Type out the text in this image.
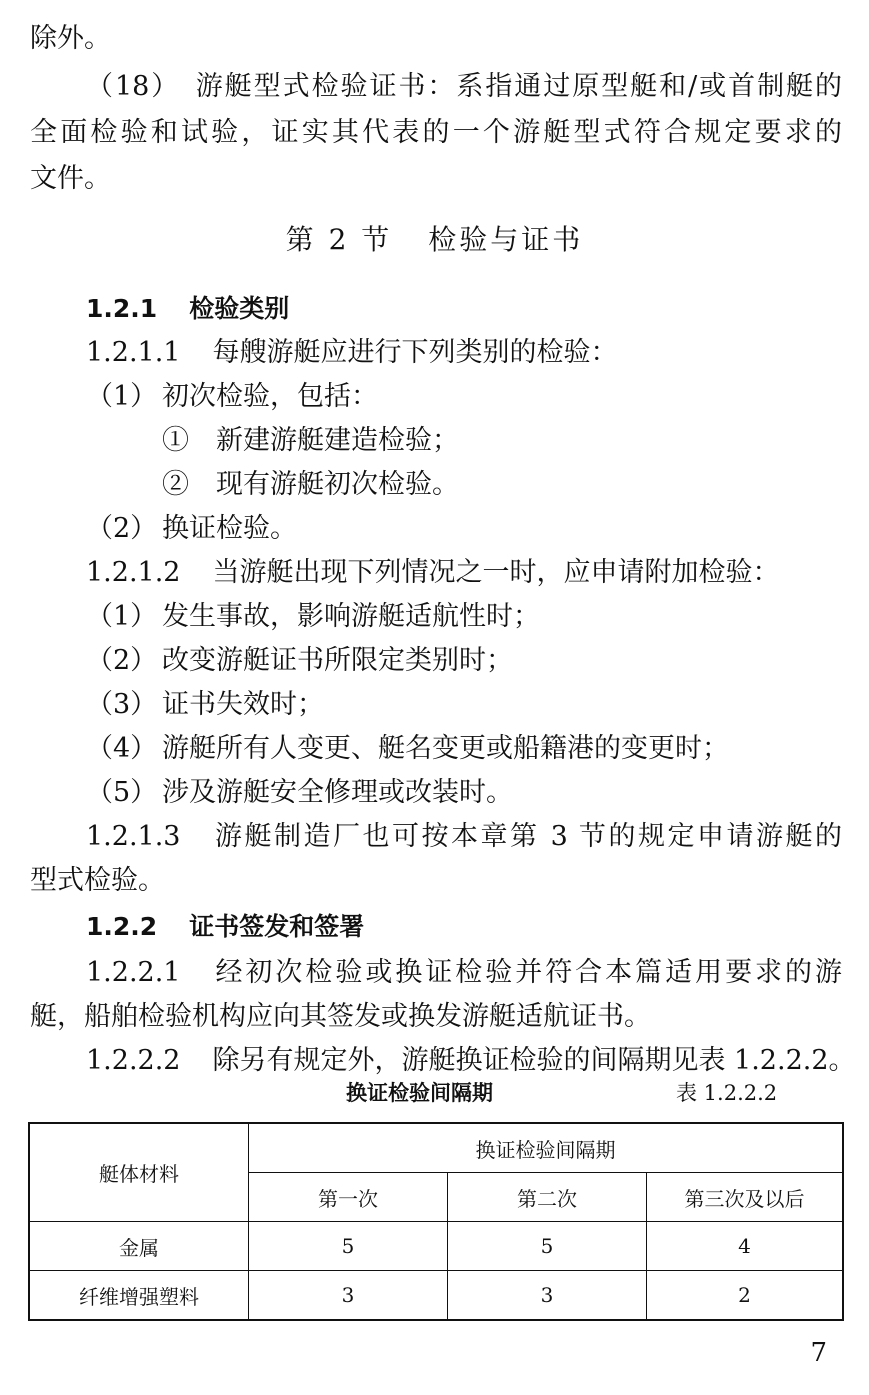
除外。
（18）　游艇型式检验证书：系指通过原型艇和/或首制艇的
全面检验和试验，证实其代表的一个游艇型式符合规定要求的
文件。
第 2 节 检验与证书
1.2.1 检验类别
1.2.1.1 每艘游艇应进行下列类别的检验：
（1） 初次检验，包括：
①　新建游艇建造检验；
②　现有游艇初次检验。
（2） 换证检验。
1.2.1.2 当游艇出现下列情况之一时，应申请附加检验：
（1） 发生事故，影响游艇适航性时；
（2） 改变游艇证书所限定类别时；
（3） 证书失效时；
（4） 游艇所有人变更、艇名变更或船籍港的变更时；
（5） 涉及游艇安全修理或改装时。
1.2.1.3 游艇制造厂也可按本章第 3 节的规定申请游艇的
型式检验。
1.2.2 证书签发和签署
1.2.2.1 经初次检验或换证检验并符合本篇适用要求的游
艇，船舶检验机构应向其签发或换发游艇适航证书。
1.2.2.2 除另有规定外，游艇换证检验的间隔期见表 1.2.2.2。
换证检验间隔期	表 1.2.2.2
艇体材料	换证检验间隔期		
	第一次	第二次	第三次及以后
金属	5	5	4
纤维增强塑料	3	3	2
7
